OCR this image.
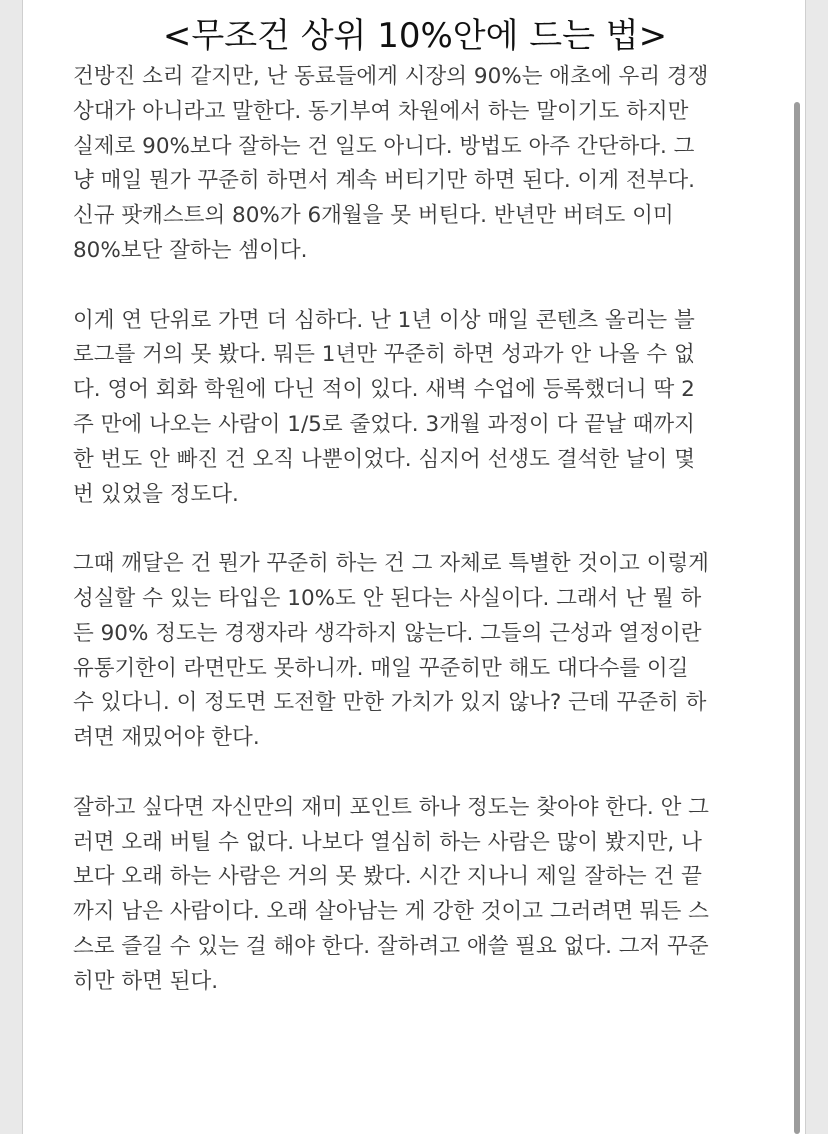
<무조건 상위 10%안에 드는 법>

건방진 소리 같지만, 난 동료들에게 시장의 90%는 애초에 우리 경쟁
상대가 아니라고 말한다. 동기부여 차원에서 하는 말이기도 하지만
실제로 90%보다 잘하는 건 일도 아니다. 방법도 아주 간단하다. 그
냥 매일 뭔가 꾸준히 하면서 계속 버티기만 하면 된다. 이게 전부다.
신규 팟캐스트의 80%가 6개월을 못 버틴다. 반년만 버텨도 이미
80%보단 잘하는 셈이다.

이게 연 단위로 가면 더 심하다. 난 1년 이상 매일 콘텐츠 올리는 블
로그를 거의 못 봤다. 뭐든 1년만 꾸준히 하면 성과가 안 나올 수 없
다. 영어 회화 학원에 다닌 적이 있다. 새벽 수업에 등록했더니 딱 2
주 만에 나오는 사람이 1/5로 줄었다. 3개월 과정이 다 끝날 때까지
한 번도 안 빠진 건 오직 나뿐이었다. 심지어 선생도 결석한 날이 몇
번 있었을 정도다.

그때 깨달은 건 뭔가 꾸준히 하는 건 그 자체로 특별한 것이고 이렇게
성실할 수 있는 타입은 10%도 안 된다는 사실이다. 그래서 난 뭘 하
든 90% 정도는 경쟁자라 생각하지 않는다. 그들의 근성과 열정이란
유통기한이 라면만도 못하니까. 매일 꾸준히만 해도 대다수를 이길
수 있다니. 이 정도면 도전할 만한 가치가 있지 않나? 근데 꾸준히 하
려면 재밌어야 한다.

잘하고 싶다면 자신만의 재미 포인트 하나 정도는 찾아야 한다. 안 그
러면 오래 버틸 수 없다. 나보다 열심히 하는 사람은 많이 봤지만, 나
보다 오래 하는 사람은 거의 못 봤다. 시간 지나니 제일 잘하는 건 끝
까지 남은 사람이다. 오래 살아남는 게 강한 것이고 그러려면 뭐든 스
스로 즐길 수 있는 걸 해야 한다. 잘하려고 애쓸 필요 없다. 그저 꾸준
히만 하면 된다.
